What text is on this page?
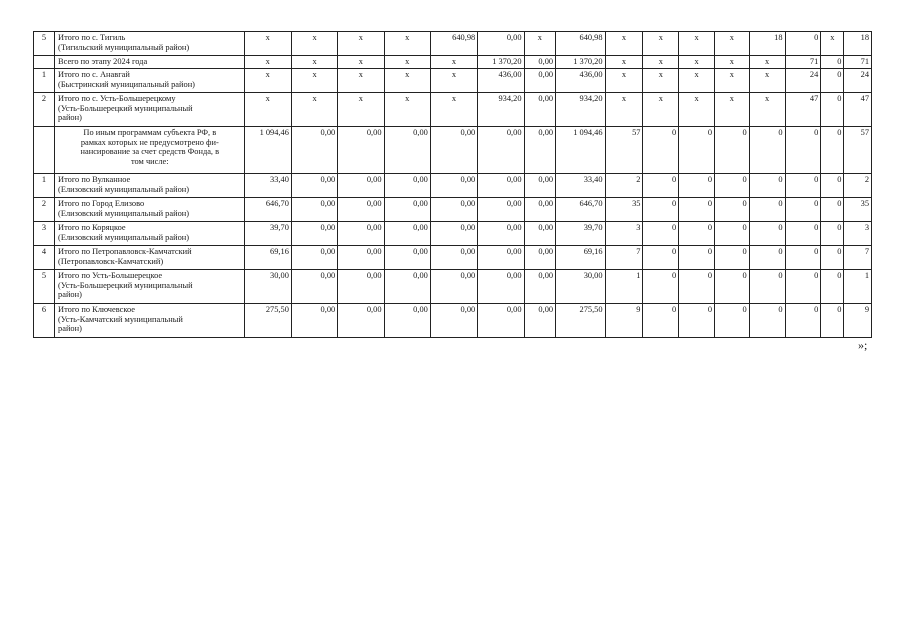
5	Итого по с. Тигиль
(Тигильский муниципальный район)	x	x	x	x	640,98	0,00	x	640,98	x	x	x	x	18	0	x	18
	Всего по этапу 2024 года	x	x	x	x	x	1 370,20	0,00	1 370,20	x	x	x	x	x	71	0	71
1	Итого по с. Анавгай
(Быстринский муниципальный район)	x	x	x	x	x	436,00	0,00	436,00	x	x	x	x	x	24	0	24
2	Итого по с. Усть-Большерецкому
(Усть-Большерецкий муниципальный
район)	x	x	x	x	x	934,20	0,00	934,20	x	x	x	x	x	47	0	47
	По иным программам субъекта РФ, в
рамках которых не предусмотрено фи-
нансирование за счет средств Фонда, в
том числе:	1 094,46	0,00	0,00	0,00	0,00	0,00	0,00	1 094,46	57	0	0	0	0	0	0	57
1	Итого по Вулканное
(Елизовский муниципальный район)	33,40	0,00	0,00	0,00	0,00	0,00	0,00	33,40	2	0	0	0	0	0	0	2
2	Итого по Город Елизово
(Елизовский муниципальный район)	646,70	0,00	0,00	0,00	0,00	0,00	0,00	646,70	35	0	0	0	0	0	0	35
3	Итого по Коряцкое
(Елизовский муниципальный район)	39,70	0,00	0,00	0,00	0,00	0,00	0,00	39,70	3	0	0	0	0	0	0	3
4	Итого по Петропавловск-Камчатский
(Петропавловск-Камчатский)	69,16	0,00	0,00	0,00	0,00	0,00	0,00	69,16	7	0	0	0	0	0	0	7
5	Итого по Усть-Большерецкое
(Усть-Большерецкий муниципальный
район)	30,00	0,00	0,00	0,00	0,00	0,00	0,00	30,00	1	0	0	0	0	0	0	1
6	Итого по Ключевское
(Усть-Камчатский муниципальный
район)	275,50	0,00	0,00	0,00	0,00	0,00	0,00	275,50	9	0	0	0	0	0	0	9
»;
